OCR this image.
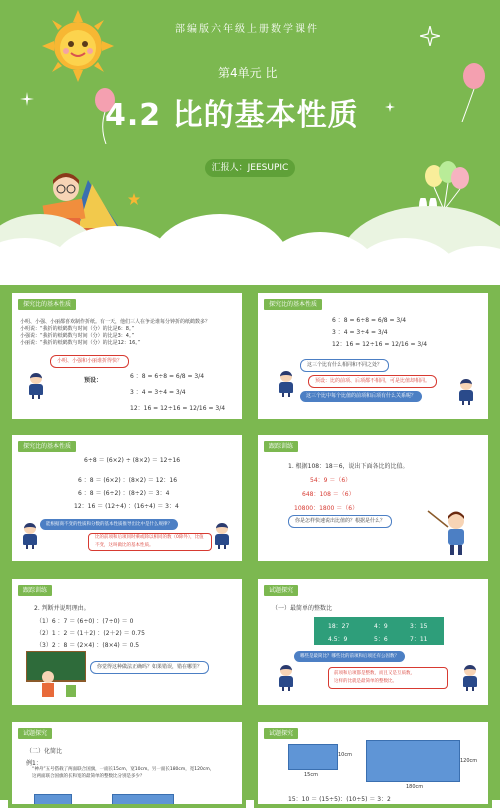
部编版六年级上册数学课件
第4单元 比
4.2 比的基本性质
汇报人：JEESUPIC
探究比的基本性质
小明、小强、小丽都喜欢制作折纸。有一天，他们三人在争论谁每分钟折的纸鹤数多？
小明说：“我折的纸鹤数与时间（分）的比是6：8。”
小强说：“我折的纸鹤数与时间（分）的比是3：4。”
小丽说：“我折的纸鹤数与时间（分）的比是12：16。”
小明、小强和小丽谁折得快？
预设：
6 ：8 = 6÷8 = 6/8 = 3/4
3 ：4 = 3÷4 = 3/4
12：16 = 12÷16 = 12/16 = 3/4
探究比的基本性质
6 ：8 = 6÷8 = 6/8 = 3/4
3 ：4 = 3÷4 = 3/4
12：16 = 12÷16 = 12/16 = 3/4
这三个比有什么相同和不同之处？
预设：比的前项、后项都不相同，可是比值却相同。
这三个比中每个比值的前项和后项有什么关系呢？
探究比的基本性质
6÷8 ＝ (6×2) ÷ (8×2) ＝ 12÷16
6 ：8 ＝ (6×2) ：(8×2) ＝ 12：16
6 ：8 ＝ (6÷2) ：(8÷2) ＝ 3：4
12：16 ＝ (12÷4) ：(16÷4) ＝ 3：4
能根据商不变的性质和分数的基本性质推导出比中是什么规律？
比的前项和后项同时乘或除以相同的数（0除外），比值不变，这叫做比的基本性质。
跟踪训练
1. 根据108：18＝6，说出下面各比的比值。
54：9 ＝（6）
648：108 ＝（6）
10800：1800 ＝（6）
你是怎样快速说出比值的？根据是什么？
跟踪训练
2. 判断并说明理由。
（1）6 ：7 ＝ (6÷0) ：(7÷0) ＝ 0
（2）1 ：2 ＝ (1＋2) ：(2＋2) ＝ 0.75
（3）2 ：8 ＝ (2×4) ：(8×4) ＝ 0.5
你觉得这种做法正确吗？如果错误，错在哪里？
试题探究
（一）最简单的整数比
18：27	4：9	3：15
4.5：9	5：6	7：11
哪些是最简比？哪些比的前项和后项还有公因数？
前项和后项都是整数，而且又是互质数，
这样的比就是最简单的整数比。
试题探究
（二）化简比
例1：
“神舟”五号搭载了两面联合国旗，一面长15cm，宽10cm。另一面长180cm，宽120cm，
这两面联合国旗的长和宽的最简单的整数比分别是多少？
试题探究
10cm
15cm
120cm
180cm
15：10 ＝ (15÷5)：(10÷5) ＝ 3：2
